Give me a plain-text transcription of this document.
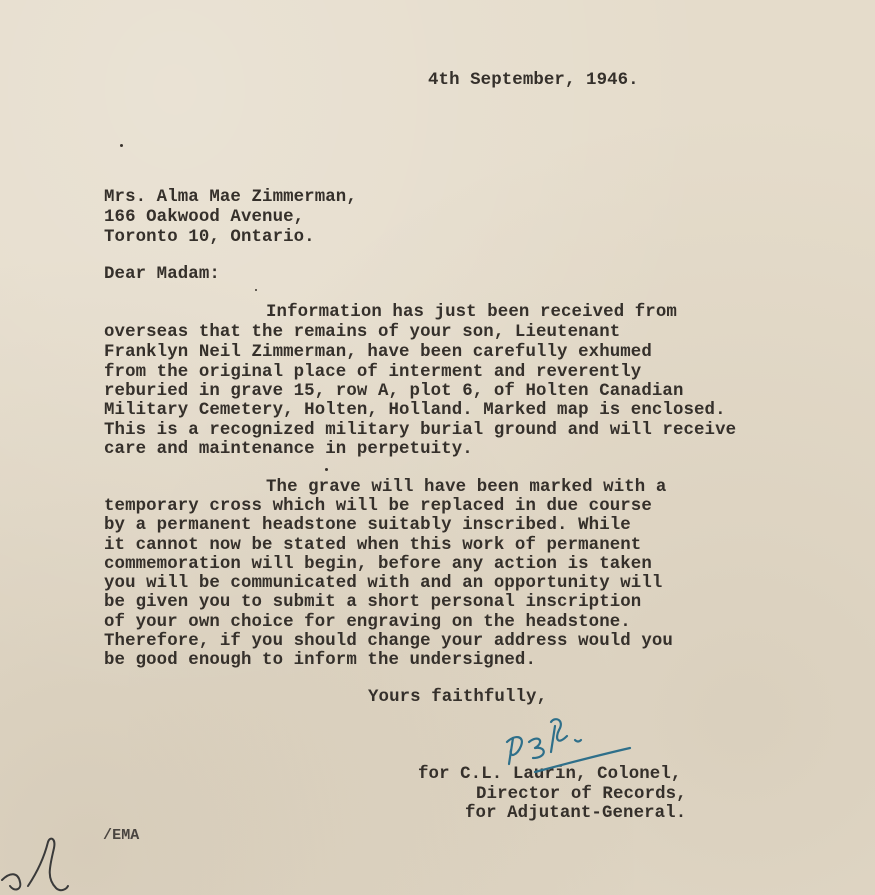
4th September, 1946.
Mrs. Alma Mae Zimmerman,
166 Oakwood Avenue,
Toronto 10, Ontario.
Dear Madam:
Information has just been received from
overseas that the remains of your son, Lieutenant
Franklyn Neil Zimmerman, have been carefully exhumed
from the original place of interment and reverently
reburied in grave 15, row A, plot 6, of Holten Canadian
Military Cemetery, Holten, Holland. Marked map is enclosed.
This is a recognized military burial ground and will receive
care and maintenance in perpetuity.
The grave will have been marked with a
temporary cross which will be replaced in due course
by a permanent headstone suitably inscribed. While
it cannot now be stated when this work of permanent
commemoration will begin, before any action is taken
you will be communicated with and an opportunity will
be given you to submit a short personal inscription
of your own choice for engraving on the headstone.
Therefore, if you should change your address would you
be good enough to inform the undersigned.
Yours faithfully,
for C.L. Laurin, Colonel,
Director of Records,
for Adjutant-General.
/EMA
